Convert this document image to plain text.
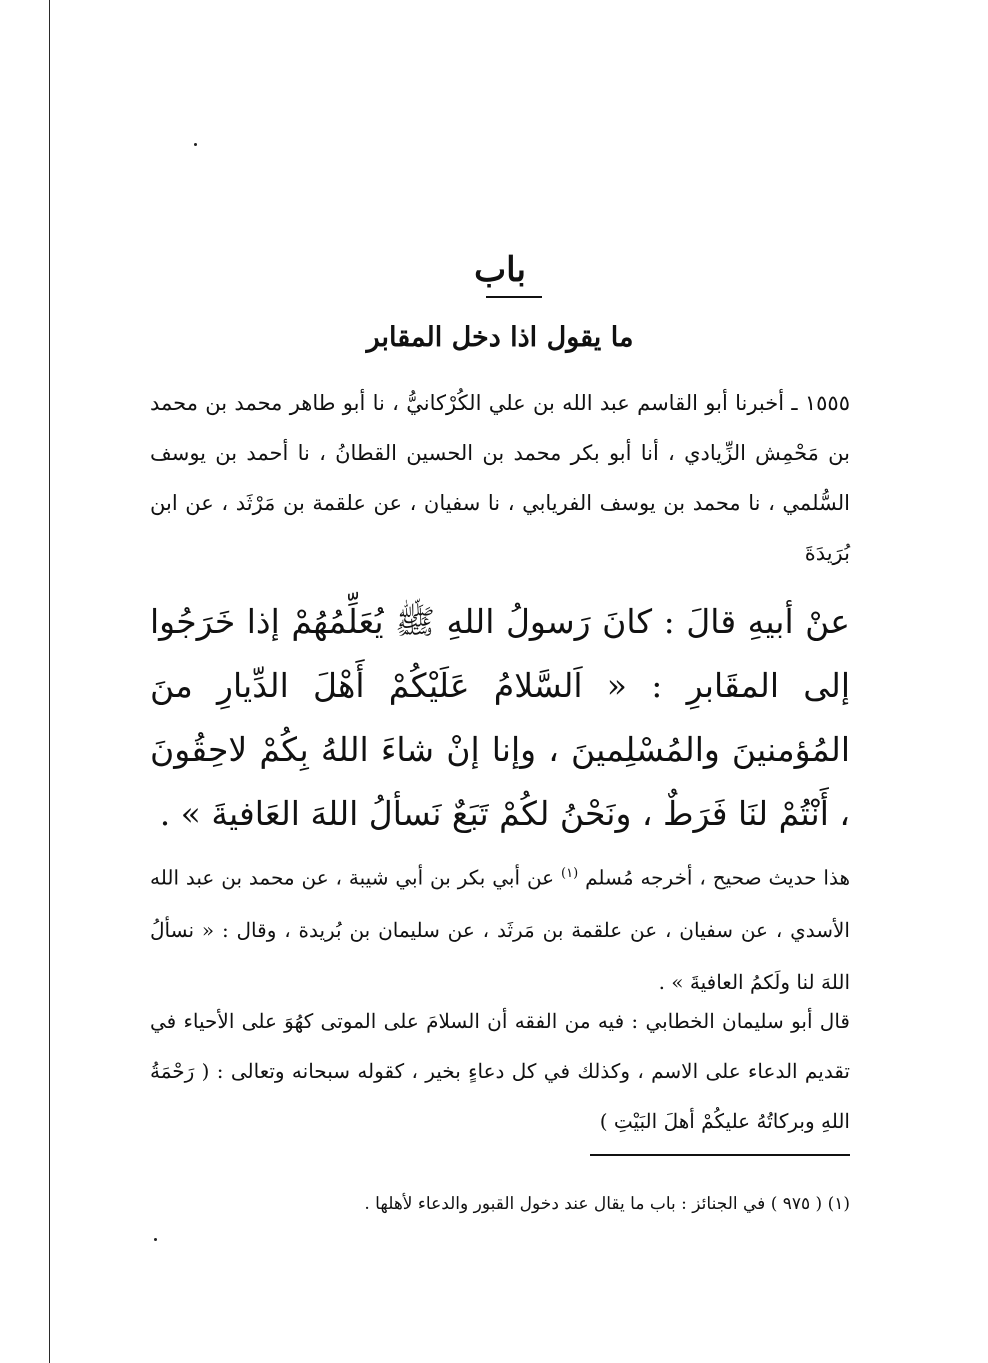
باب
ما يقول اذا دخل المقابر

١٥٥٥ ـ أخبرنا أبو القاسم عبد الله بن علي الكُرْكانيُّ ، نا أبو طاهر محمد بن محمد بن مَحْمِش الزِّيادي ، أنا أبو بكر محمد بن الحسين القطانُ ، نا أحمد بن يوسف السُّلمي ، نا محمد بن يوسف الفريابي ، نا سفيان ، عن علقمة بن مَرْثَد ، عن ابن بُرَيدَةَ

عنْ أبيهِ قالَ : كانَ رَسولُ اللهِ ﷺ يُعَلِّمُهُمْ إذا خَرَجُوا إلى المقَابرِ : « اَلسَّلامُ عَلَيْكُمْ أَهْلَ الدِّيارِ منَ المُؤمنينَ والمُسْلِمينَ ، وإنا إنْ شاءَ اللهُ بِكُمْ لاحِقُونَ ، أَنْتُمْ لنَا فَرَطٌ ، ونَحْنُ لكُمْ تَبَعٌ نَسألُ اللهَ العَافيةَ » .

هذا حديث صحيح ، أخرجه مُسلم $^{(١)}$ عن أبي بكر بن أبي شيبة ، عن محمد بن عبد الله الأسدي ، عن سفيان ، عن علقمة بن مَرثَد ، عن سليمان بن بُريدة ، وقال : « نسألُ اللهَ لنا ولَكمُ العافيةَ » .

قال أبو سليمان الخطابي : فيه من الفقه أن السلامَ على الموتى كهُوَ على الأحياء في تقديم الدعاء على الاسم ، وكذلك في كل دعاءٍ بخير ، كقوله سبحانه وتعالى : ( رَحْمَةُ اللهِ وبركاتُهُ عليكُمْ أهلَ البَيْتِ )

(١) ( ٩٧٥ ) في الجنائز : باب ما يقال عند دخول القبور والدعاء لأهلها .
